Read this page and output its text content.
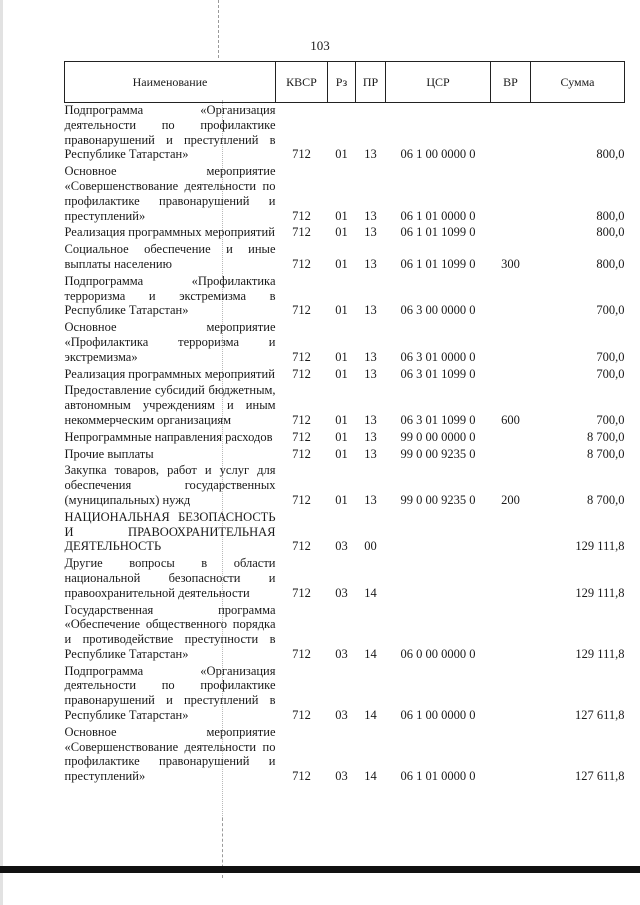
103
Наименование	КВСР	Рз	ПР	ЦСР	ВР	Сумма
Подпрограмма «Организация деятельности по профилактике правонарушений и преступлений в Республике Татарстан»	712	01	13	06 1 00 0000 0		800,0
Основное мероприятие «Совершенствование деятельности по профилактике правонарушений и преступлений»	712	01	13	06 1 01 0000 0		800,0
Реализация программных мероприятий	712	01	13	06 1 01 1099 0		800,0
Социальное обеспечение и иные выплаты населению	712	01	13	06 1 01 1099 0	300	800,0
Подпрограмма «Профилактика терроризма и экстремизма в Республике Татарстан»	712	01	13	06 3 00 0000 0		700,0
Основное мероприятие «Профилактика терроризма и экстремизма»	712	01	13	06 3 01 0000 0		700,0
Реализация программных мероприятий	712	01	13	06 3 01 1099 0		700,0
Предоставление субсидий бюджетным, автономным учреждениям и иным некоммерческим организациям	712	01	13	06 3 01 1099 0	600	700,0
Непрограммные направления расходов	712	01	13	99 0 00 0000 0		8 700,0
Прочие выплаты	712	01	13	99 0 00 9235 0		8 700,0
Закупка товаров, работ и услуг для обеспечения государственных (муниципальных) нужд	712	01	13	99 0 00 9235 0	200	8 700,0
НАЦИОНАЛЬНАЯ БЕЗОПАСНОСТЬ И ПРАВООХРАНИТЕЛЬНАЯ ДЕЯТЕЛЬНОСТЬ	712	03	00			129 111,8
Другие вопросы в области национальной безопасности и правоохранительной деятельности	712	03	14			129 111,8
Государственная программа «Обеспечение общественного порядка и противодействие преступности в Республике Татарстан»	712	03	14	06 0 00 0000 0		129 111,8
Подпрограмма «Организация деятельности по профилактике правонарушений и преступлений в Республике Татарстан»	712	03	14	06 1 00 0000 0		127 611,8
Основное мероприятие «Совершенствование деятельности по профилактике правонарушений и преступлений»	712	03	14	06 1 01 0000 0		127 611,8
